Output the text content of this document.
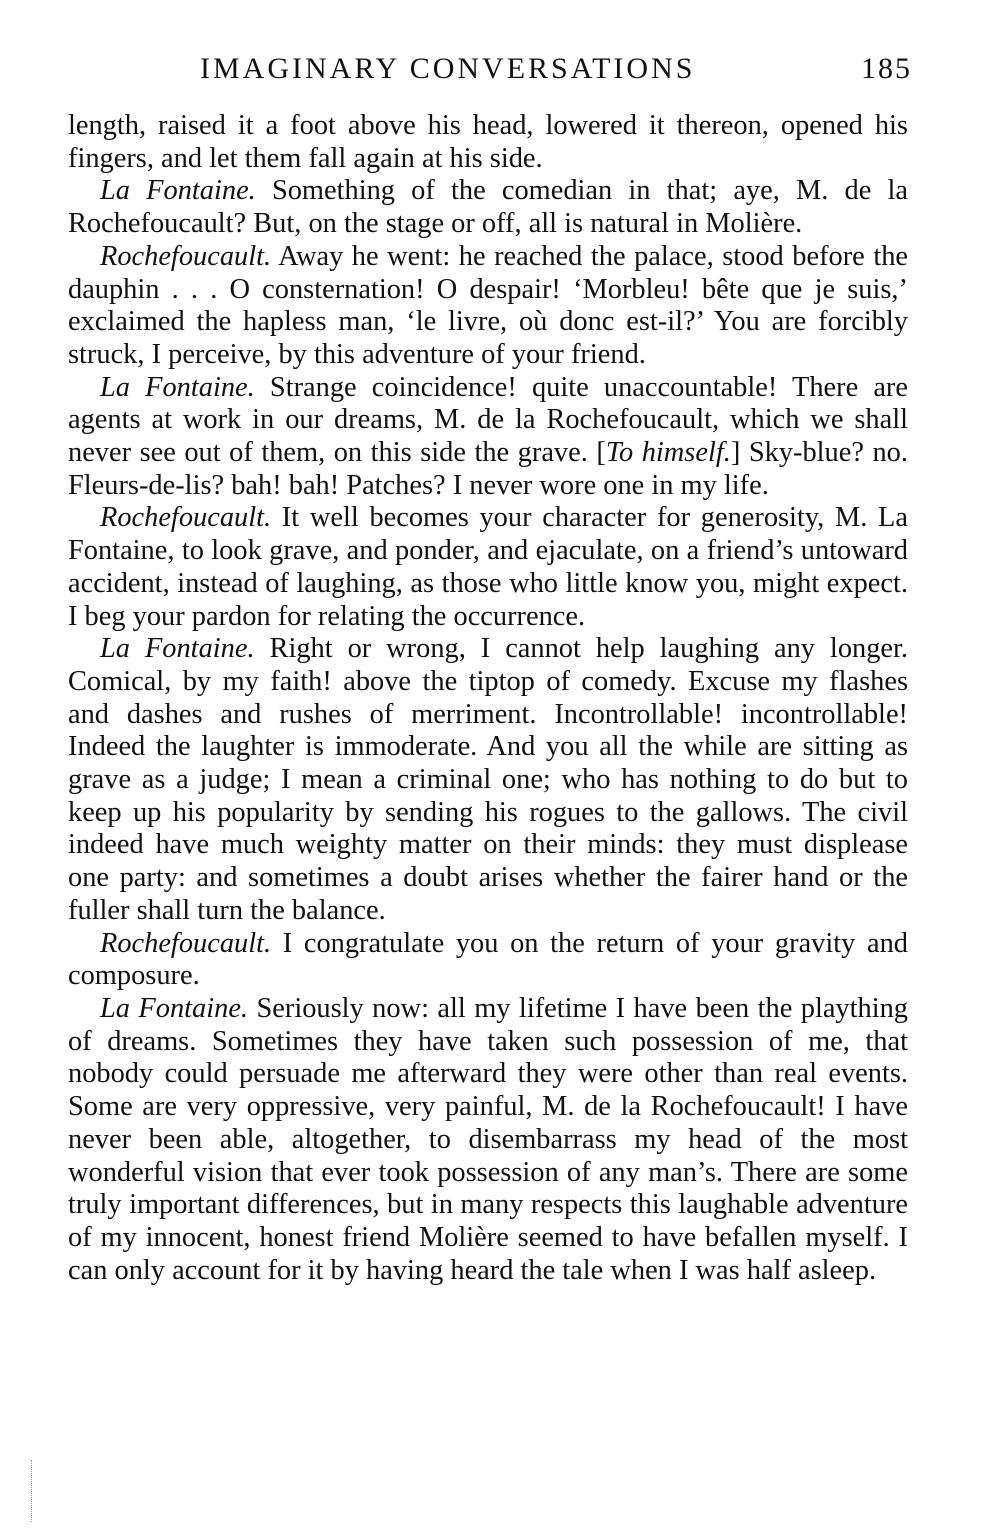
IMAGINARY CONVERSATIONS	185

length, raised it a foot above his head, lowered it thereon, opened his fingers, and let them fall again at his side.

La Fontaine. Something of the comedian in that; aye, M. de la Rochefoucault? But, on the stage or off, all is natural in Molière.

Rochefoucault. Away he went: he reached the palace, stood before the dauphin . . . O consternation! O despair! ‘Morbleu! bête que je suis,’ exclaimed the hapless man, ‘le livre, où donc est-il?’ You are forcibly struck, I perceive, by this adventure of your friend.

La Fontaine. Strange coincidence! quite unaccountable! There are agents at work in our dreams, M. de la Rochefoucault, which we shall never see out of them, on this side the grave. [To himself.] Sky-blue? no. Fleurs-de-lis? bah! bah! Patches? I never wore one in my life.

Rochefoucault. It well becomes your character for generosity, M. La Fontaine, to look grave, and ponder, and ejaculate, on a friend’s untoward accident, instead of laughing, as those who little know you, might expect. I beg your pardon for relating the occurrence.

La Fontaine. Right or wrong, I cannot help laughing any longer. Comical, by my faith! above the tiptop of comedy. Excuse my flashes and dashes and rushes of merriment. Incontrollable! incontrollable! Indeed the laughter is immoderate. And you all the while are sitting as grave as a judge; I mean a criminal one; who has nothing to do but to keep up his popularity by sending his rogues to the gallows. The civil indeed have much weighty matter on their minds: they must displease one party: and sometimes a doubt arises whether the fairer hand or the fuller shall turn the balance.

Rochefoucault. I congratulate you on the return of your gravity and composure.

La Fontaine. Seriously now: all my lifetime I have been the plaything of dreams. Sometimes they have taken such possession of me, that nobody could persuade me afterward they were other than real events. Some are very oppressive, very painful, M. de la Rochefoucault! I have never been able, altogether, to disembarrass my head of the most wonderful vision that ever took possession of any man’s. There are some truly important differences, but in many respects this laughable adventure of my innocent, honest friend Molière seemed to have befallen myself. I can only account for it by having heard the tale when I was half asleep.
